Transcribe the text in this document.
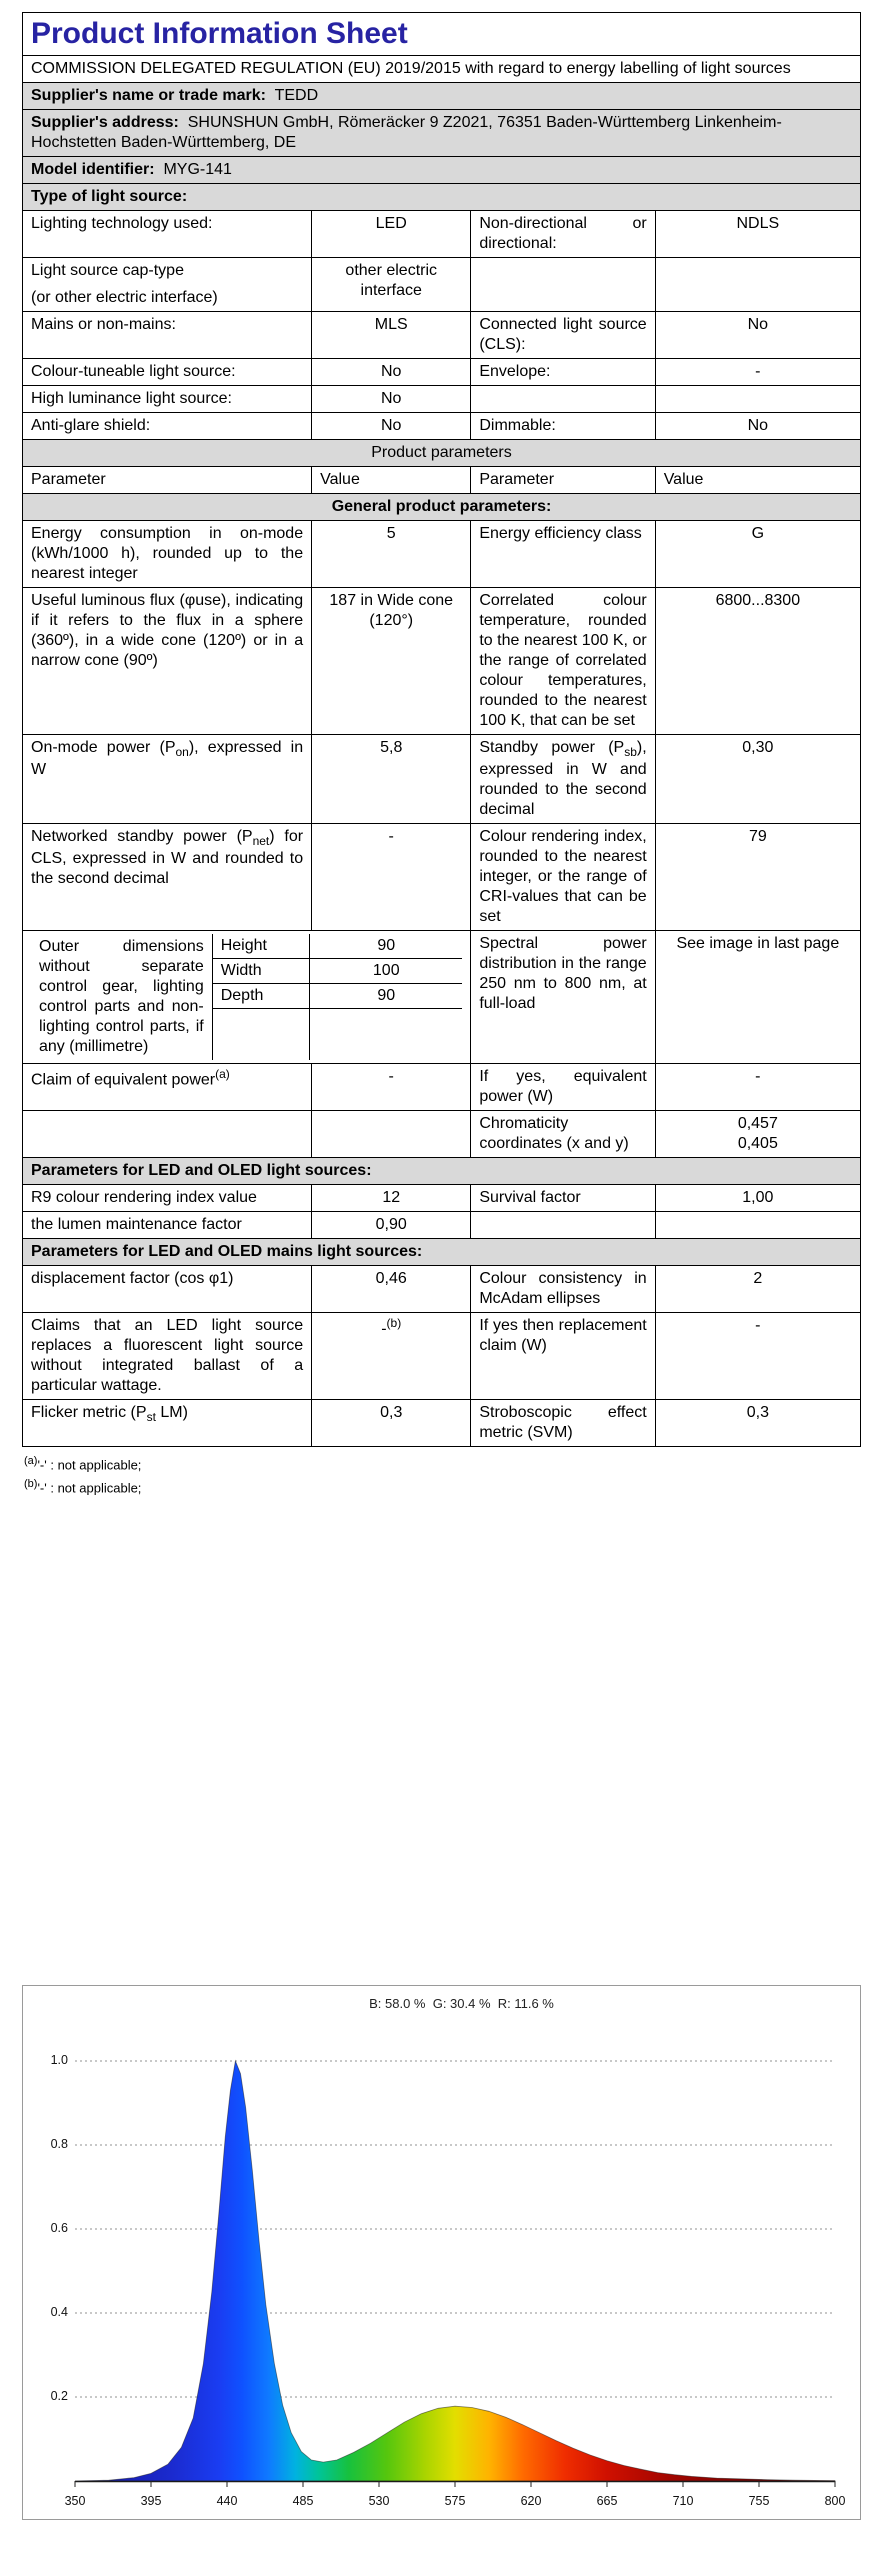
Product Information Sheet			

COMMISSION DELEGATED REGULATION (EU) 2019/2015 with regard to energy labelling of light sources			
Supplier's name or trade mark: TEDD			
Supplier's address: SHUNSHUN GmbH, Römeräcker 9 Z2021, 76351 Baden-Württemberg Linkenheim-Hochstetten Baden-Württemberg, DE			
Model identifier: MYG-141			
Type of light source:			
Lighting technology used:	LED	Non-directional or directional:	NDLS

Light source cap-type
(or other electric interface)	other electric interface		
Mains or non-mains:	MLS	Connected light source (CLS):	No
Colour-tuneable light source:	No	Envelope:	-
High luminance light source:	No		
Anti-glare shield:	No	Dimmable:	No
Product parameters			
Parameter	Value	Parameter	Value
General product parameters:			
Energy consumption in on-mode (kWh/1000 h), rounded up to the nearest integer	5	Energy efficiency class	G
Useful luminous flux (φuse), indicating if it refers to the flux in a sphere (360º), in a wide cone (120º) or in a narrow cone (90º)	187 in Wide cone (120°)	Correlated colour temperature, rounded to the nearest 100 K, or the range of correlated colour temperatures, rounded to the nearest 100 K, that can be set	6800...8300
On-mode power $(P_{on})$, expressed in W	5,8	Standby power $(P_{sb})$, expressed in W and rounded to the second decimal	0,30
Networked standby power $(P_{net})$ for CLS, expressed in W and rounded to the second decimal	-	Colour rendering index, rounded to the nearest integer, or the range of CRI-values that can be set	79

Outer dimensions without separate control gear, lighting control parts and non-lighting control parts, if any (millimetre)
Height	90
Width	100
Depth	90
	Spectral power distribution in the range 250 nm to 800 nm, at full-load	See image in last page
Claim of equivalent power$^{(a)}$	-	If yes, equivalent power (W)	-
		Chromaticity coordinates (x and y)	0,457
0,405

Parameters for LED and OLED light sources:			
R9 colour rendering index value	12	Survival factor	1,00
the lumen maintenance factor	0,90		
Parameters for LED and OLED mains light sources:			
displacement factor (cos φ1)	0,46	Colour consistency in McAdam ellipses	2
Claims that an LED light source replaces a fluorescent light source without integrated ballast of a particular wattage.	-$^{(b)}$	If yes then replacement claim (W)	-
Flicker metric ($P_{st}$ LM)	0,3	Stroboscopic effect metric (SVM)	0,3
$^{(a)}$'-' : not applicable;
$^{(b)}$'-' : not applicable;
B: 58.0 %  G: 30.4 %  R: 11.6 %
0.2
0.4
0.6
0.8
1.0
350	395	440	485	530	575	620	665	710	755	800
